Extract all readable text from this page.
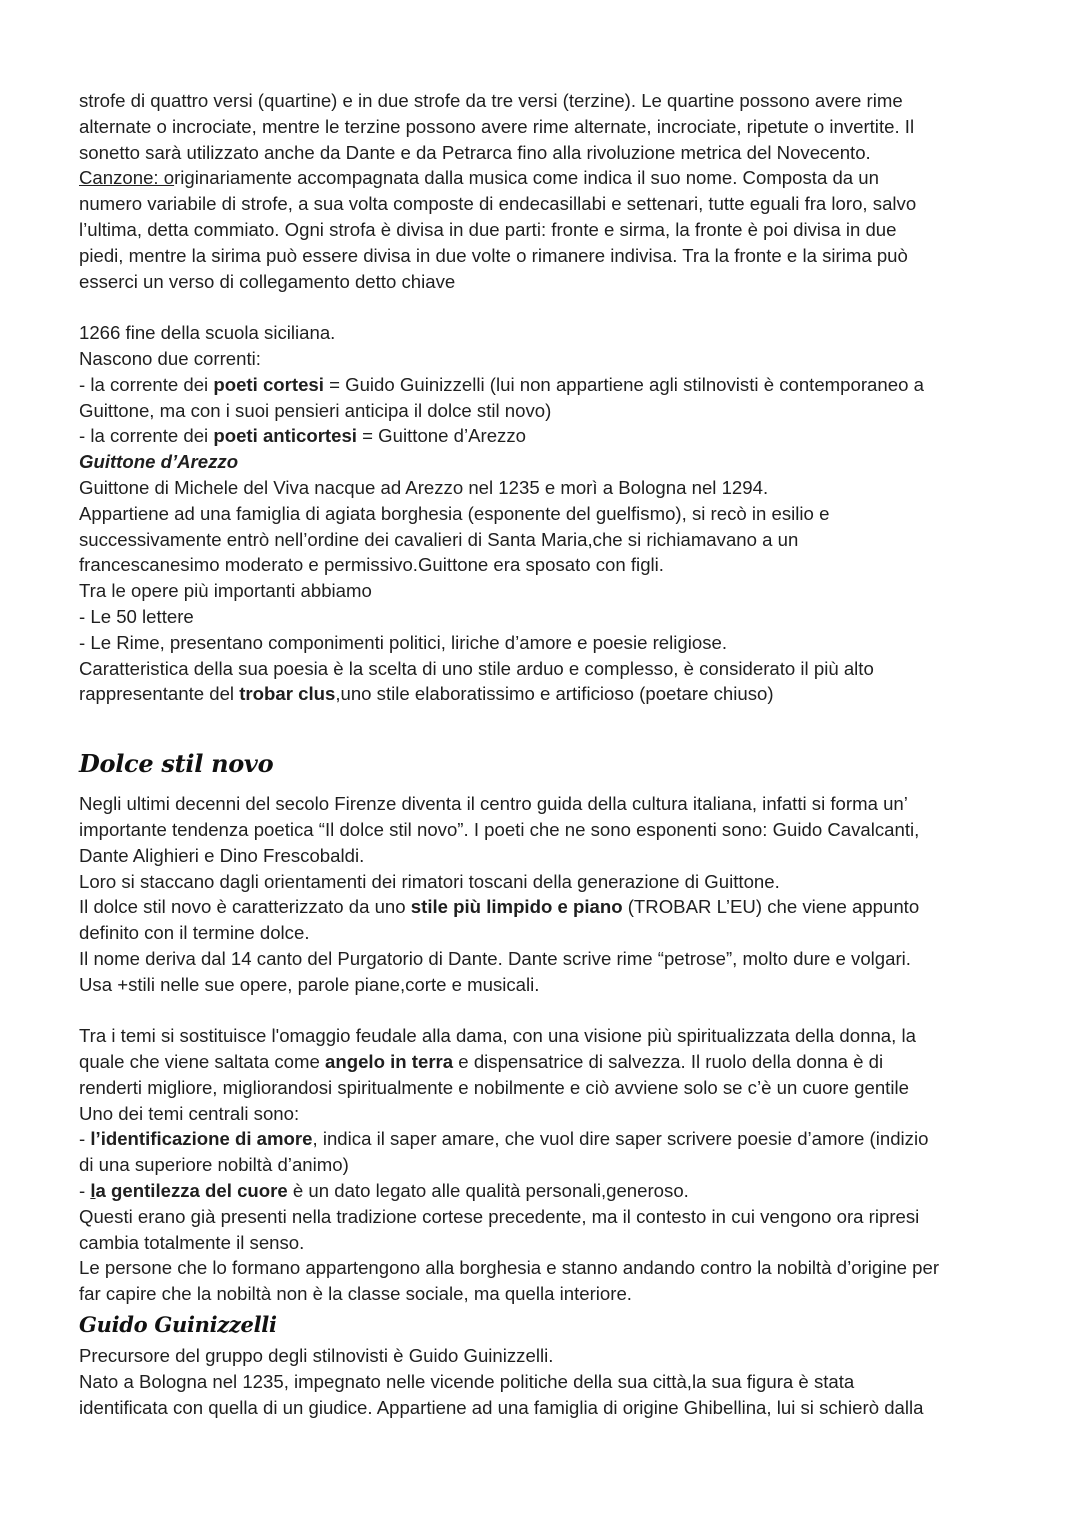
strofe di quattro versi (quartine) e in due strofe da tre versi (terzine). Le quartine possono avere rime

alternate o incrociate, mentre le terzine possono avere rime alternate, incrociate, ripetute o invertite. Il

sonetto sarà utilizzato anche da Dante e da Petrarca fino alla rivoluzione metrica del Novecento.

Canzone: originariamente accompagnata dalla musica come indica il suo nome. Composta da un

numero variabile di strofe, a sua volta composte di endecasillabi e settenari, tutte eguali fra loro, salvo

l’ultima, detta commiato. Ogni strofa è divisa in due parti: fronte e sirma, la fronte è poi divisa in due

piedi, mentre la sirima può essere divisa in due volte o rimanere indivisa. Tra la fronte e la sirima può

esserci un verso di collegamento detto chiave

1266 fine della scuola siciliana.

Nascono due correnti:

- la corrente dei poeti cortesi = Guido Guinizzelli (lui non appartiene agli stilnovisti è contemporaneo a

Guittone, ma con i suoi pensieri anticipa il dolce stil novo)

- la corrente dei poeti anticortesi = Guittone d’Arezzo

Guittone d’Arezzo

Guittone di Michele del Viva nacque ad Arezzo nel 1235 e morì a Bologna nel 1294.

Appartiene ad una famiglia di agiata borghesia (esponente del guelfismo), si recò in esilio e

successivamente entrò nell’ordine dei cavalieri di Santa Maria,che si richiamavano a un

francescanesimo moderato e permissivo.Guittone era sposato con figli.

Tra le opere più importanti abbiamo

- Le 50 lettere

- Le Rime, presentano componimenti politici, liriche d’amore e poesie religiose.

Caratteristica della sua poesia è la scelta di uno stile arduo e complesso, è considerato il più alto

rappresentante del trobar clus,uno stile elaboratissimo e artificioso (poetare chiuso)

Dolce stil novo

Negli ultimi decenni del secolo Firenze diventa il centro guida della cultura italiana, infatti si forma un’

importante tendenza poetica “Il dolce stil novo”. I poeti che ne sono esponenti sono: Guido Cavalcanti,

Dante Alighieri e Dino Frescobaldi.

Loro si staccano dagli orientamenti dei rimatori toscani della generazione di Guittone.

Il dolce stil novo è caratterizzato da uno stile più limpido e piano (TROBAR L’EU) che viene appunto

definito con il termine dolce.

Il nome deriva dal 14 canto del Purgatorio di Dante. Dante scrive rime “petrose”, molto dure e volgari.

Usa +stili nelle sue opere, parole piane,corte e musicali.

Tra i temi si sostituisce l'omaggio feudale alla dama, con una visione più spiritualizzata della donna, la

quale che viene saltata come angelo in terra e dispensatrice di salvezza. Il ruolo della donna è di

renderti migliore, migliorandosi spiritualmente e nobilmente e ciò avviene solo se c’è un cuore gentile

Uno dei temi centrali sono:

- l’identificazione di amore, indica il saper amare, che vuol dire saper scrivere poesie d’amore (indizio

di una superiore nobiltà d’animo)

- la gentilezza del cuore è un dato legato alle qualità personali,generoso.

Questi erano già presenti nella tradizione cortese precedente, ma il contesto in cui vengono ora ripresi

cambia totalmente il senso.

Le persone che lo formano appartengono alla borghesia e stanno andando contro la nobiltà d’origine per

far capire che la nobiltà non è la classe sociale, ma quella interiore.

Guido Guinizzelli

Precursore del gruppo degli stilnovisti è Guido Guinizzelli.

Nato a Bologna nel 1235, impegnato nelle vicende politiche della sua città,la sua figura è stata

identificata con quella di un giudice. Appartiene ad una famiglia di origine Ghibellina, lui si schierò dalla
